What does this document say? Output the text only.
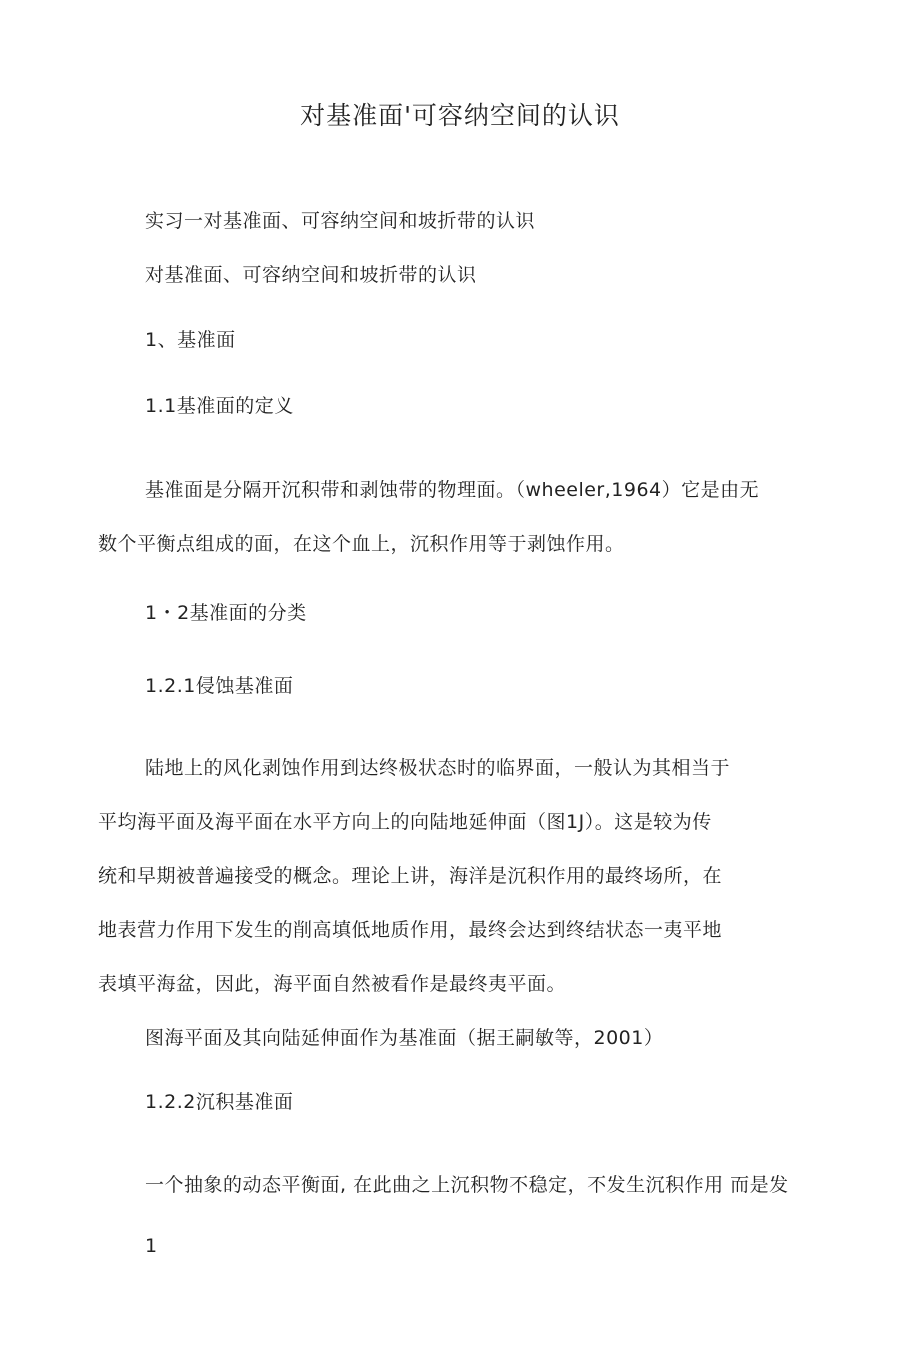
对基准面'可容纳空间的认识
实习一对基准面、可容纳空间和坡折带的认识
对基准面、可容纳空间和坡折带的认识
1、基准面
1.1基准面的定义
基准面是分隔开沉积带和剥蚀带的物理面。（wheeler,1964）它是由无
数个平衡点组成的面，在这个血上，沉积作用等于剥蚀作用。
1・2基准面的分类
1.2.1侵蚀基准面
陆地上的风化剥蚀作用到达终极状态时的临界面，一般认为其相当于
平均海平面及海平面在水平方向上的向陆地延伸面（图1J）。这是较为传
统和早期被普遍接受的概念。理论上讲，海洋是沉积作用的最终场所，在
地表营力作用下发生的削高填低地质作用，最终会达到终结状态一夷平地
表填平海盆，因此，海平面自然被看作是最终夷平面。
图海平面及其向陆延伸面作为基准面（据王嗣敏等，2001）
1.2.2沉积基准面
一个抽象的动态平衡面, 在此曲之上沉积物不稳定，不发生沉积作用 而是发
1
